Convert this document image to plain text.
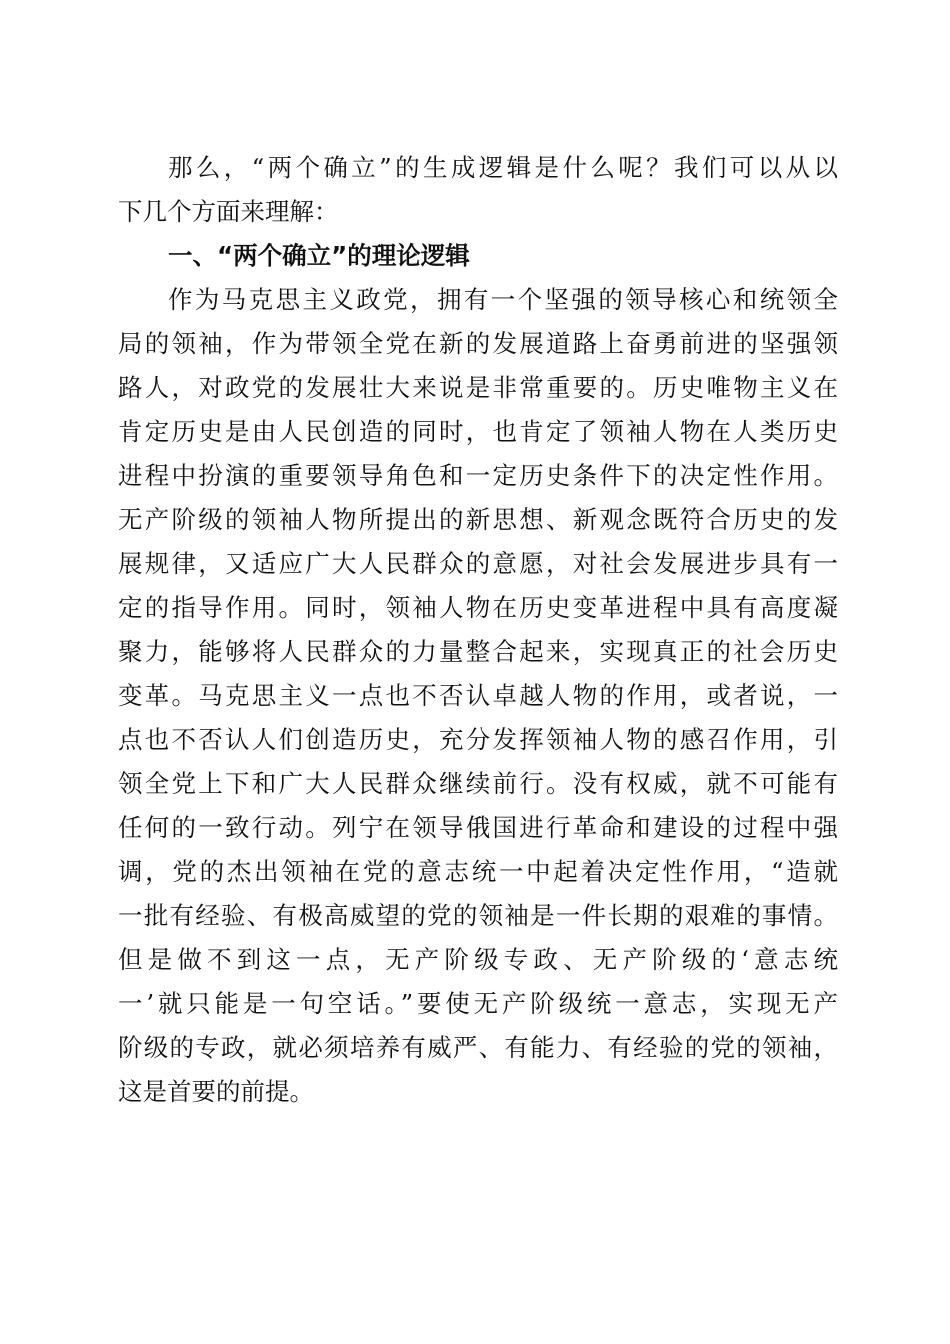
那么，“两个确立”的生成逻辑是什么呢？我们可以从以
下几个方面来理解：
一、“两个确立”的理论逻辑
作为马克思主义政党，拥有一个坚强的领导核心和统领全
局的领袖，作为带领全党在新的发展道路上奋勇前进的坚强领
路人，对政党的发展壮大来说是非常重要的。历史唯物主义在
肯定历史是由人民创造的同时，也肯定了领袖人物在人类历史
进程中扮演的重要领导角色和一定历史条件下的决定性作用。
无产阶级的领袖人物所提出的新思想、新观念既符合历史的发
展规律，又适应广大人民群众的意愿，对社会发展进步具有一
定的指导作用。同时，领袖人物在历史变革进程中具有高度凝
聚力，能够将人民群众的力量整合起来，实现真正的社会历史
变革。马克思主义一点也不否认卓越人物的作用，或者说，一
点也不否认人们创造历史，充分发挥领袖人物的感召作用，引
领全党上下和广大人民群众继续前行。没有权威，就不可能有
任何的一致行动。列宁在领导俄国进行革命和建设的过程中强
调，党的杰出领袖在党的意志统一中起着决定性作用，“造就
一批有经验、有极高威望的党的领袖是一件长期的艰难的事情。
但是做不到这一点，无产阶级专政、无产阶级的‘意志统
一’就只能是一句空话。”要使无产阶级统一意志，实现无产
阶级的专政，就必须培养有威严、有能力、有经验的党的领袖，
这是首要的前提。
